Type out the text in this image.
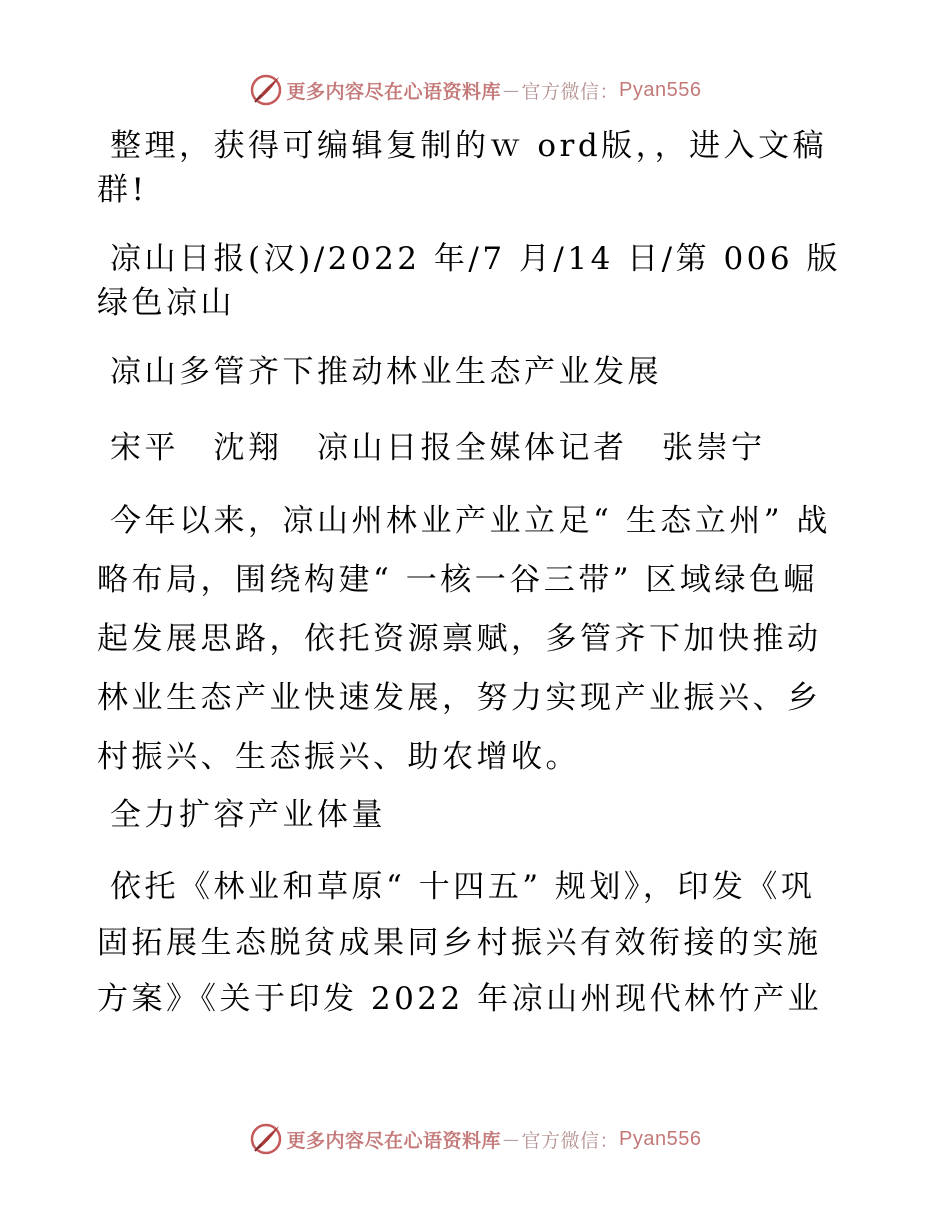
更多内容尽在心语资料库 — 官方微信： Pyan556

整理，获得可编辑复制的ｗ ord版，，进入文稿群!

凉山日报(汉)/2022 年/7 月/14 日/第 006 版绿色凉山

凉山多管齐下推动林业生态产业发展

宋平　沈翔　凉山日报全媒体记者　张崇宁

今年以来，凉山州林业产业立足“ 生态立州” 战略布局，围绕构建“ 一核一谷三带” 区域绿色崛起发展思路，依托资源禀赋，多管齐下加快推动林业生态产业快速发展，努力实现产业振兴、乡村振兴、生态振兴、助农增收。

全力扩容产业体量

依托《林业和草原“ 十四五” 规划》，印发《巩固拓展生态脱贫成果同乡村振兴有效衔接的实施方案》《关于印发 2022 年凉山州现代林竹产业

更多内容尽在心语资料库 — 官方微信： Pyan556
